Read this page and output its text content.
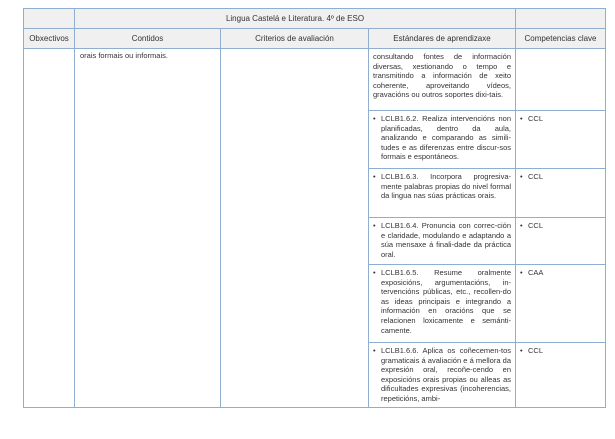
	Lingua Castelá e Literatura. 4º de ESO			
Obxectivos	Contidos	Criterios de avaliación	Estándares de aprendizaxe	Competencias clave

	orais formais ou informais.		consultando fontes de información diversas, xestionando o tempo e transmitindo a información de xeito coherente, aproveitando vídeos, gravacións ou outros soportes dixi-tais.	

			• LCLB1.6.2. Realiza intervencións non planificadas, dentro da aula, analizando e comparando as simili-tudes e as diferenzas entre discur-sos formais e espontáneos.	• CCL

			• LCLB1.6.3. Incorpora progresiva-mente palabras propias do nivel formal da lingua nas súas prácticas orais.	• CCL

			• LCLB1.6.4. Pronuncia con correc-ción e claridade, modulando e adaptando a súa mensaxe á finali-dade da práctica oral.	• CCL

			• LCLB1.6.5. Resume oralmente exposicións, argumentacións, in-tervencións públicas, etc., recollen-do as ideas principais e integrando a información en oracións que se relacionen loxicamente e semánti-camente.	• CAA

			• LCLB1.6.6. Aplica os coñecemen-tos gramaticais á avaliación e á mellora da expresión oral, recoñe-cendo en exposicións orais propias ou alleas as dificultades expresivas (incoherencias, repeticións, ambi-	• CCL
